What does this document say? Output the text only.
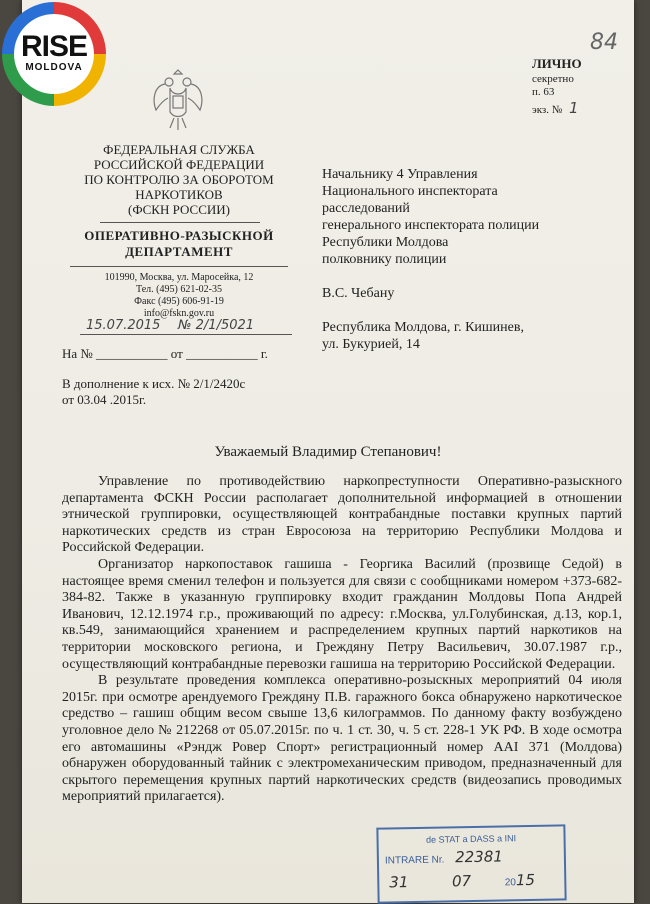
84
ЛИЧНО
секретно
п. 63
экз. № 1
ФЕДЕРАЛЬНАЯ СЛУЖБА
РОССИЙСКОЙ ФЕДЕРАЦИИ
ПО КОНТРОЛЮ ЗА ОБОРОТОМ
НАРКОТИКОВ
(ФСКН РОССИИ)
ОПЕРАТИВНО-РАЗЫСКНОЙ
ДЕПАРТАМЕНТ
101990, Москва, ул. Маросейка, 12
Тел. (495) 621-02-35
Факс (495) 606-91-19
info@fskn.gov.ru
15.07.2015 № 2/1/5021
На № ___________ от ___________ г.
В дополнение к исх. № 2/1/2420с
от 03.04 .2015г.
Начальнику 4 Управления
Национального инспектората
расследований
генерального инспектората полиции
Республики Молдова
полковнику полиции
В.С. Чебану
Республика Молдова, г. Кишинев,
ул. Букурией, 14
Уважаемый Владимир Степанович!

Управление по противодействию наркопреступности Оперативно-разыскного департамента ФСКН России располагает дополнительной информацией в отношении этнической группировки, осуществляющей контрабандные поставки крупных партий наркотических средств из стран Евросоюза на территорию Республики Молдова и Российской Федерации.

Организатор наркопоставок гашиша - Георгика Василий (прозвище Седой) в настоящее время сменил телефон и пользуется для связи с сообщниками номером +373-682-384-82. Также в указанную группировку входит гражданин Молдовы Попа Андрей Иванович, 12.12.1974 г.р., проживающий по адресу: г.Москва, ул.Голубинская, д.13, кор.1, кв.549, занимающийся хранением и распределением крупных партий наркотиков на территории московского региона, и Греждяну Петру Васильевич, 30.07.1987 г.р., осуществляющий контрабандные перевозки гашиша на территорию Российской Федерации.

В результате проведения комплекса оперативно-розыскных мероприятий 04 июля 2015г. при осмотре арендуемого Греждяну П.В. гаражного бокса обнаружено наркотическое средство – гашиш общим весом свыше 13,6 килограммов. По данному факту возбуждено уголовное дело № 212268 от 05.07.2015г. по ч. 1 ст. 30, ч. 5 ст. 228-1 УК РФ. В ходе осмотра его автомашины «Рэндж Ровер Спорт» регистрационный номер AAI 371 (Молдова) обнаружен оборудованный тайник с электромеханическим приводом, предназначенный для скрытого перемещения крупных партий наркотических средств (видеозапись проводимых мероприятий прилагается).

de STAT a DASS a INI
INTRARE Nr. 22381
31	07	2015
RISE
MOLDOVA
